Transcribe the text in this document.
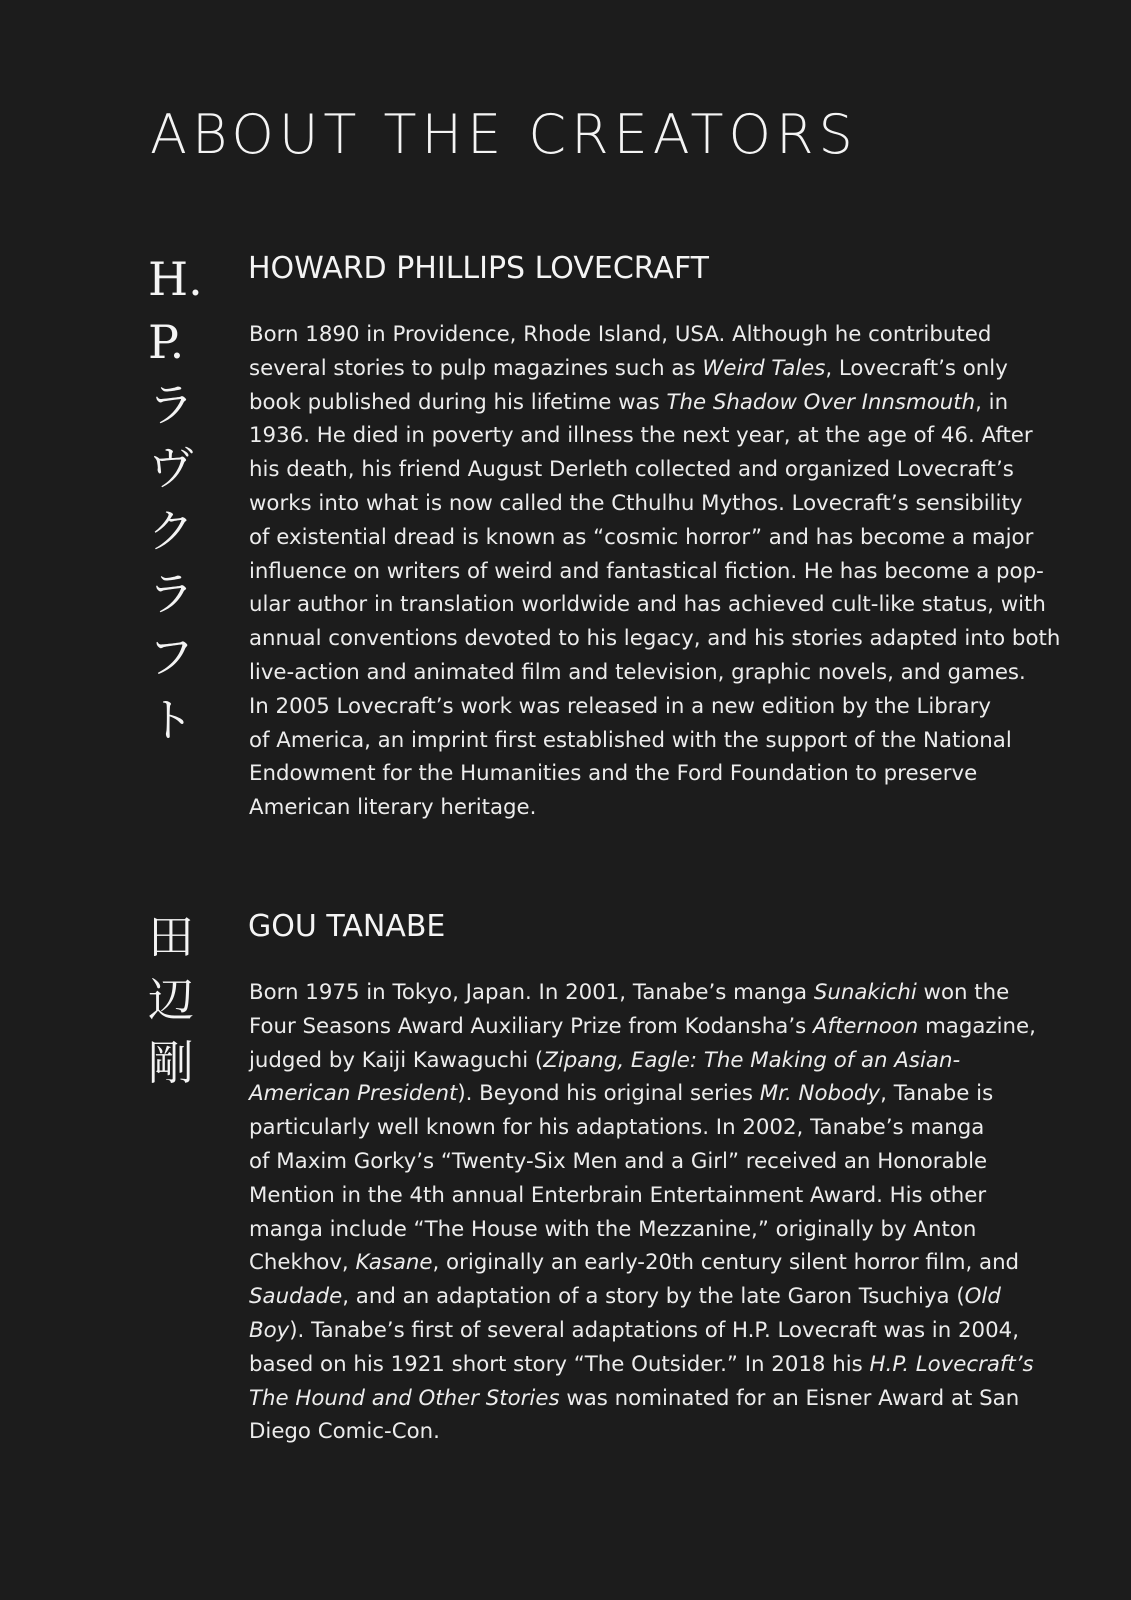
ABOUT THE CREATORS
H.
P.
ラ
ヴ
ク
ラ
フ
ト
HOWARD PHILLIPS LOVECRAFT

Born 1890 in Providence, Rhode Island, USA. Although he contributed
several stories to pulp magazines such as Weird Tales, Lovecraft’s only
book published during his lifetime was The Shadow Over Innsmouth, in
1936. He died in poverty and illness the next year, at the age of 46. After
his death, his friend August Derleth collected and organized Lovecraft’s
works into what is now called the Cthulhu Mythos. Lovecraft’s sensibility
of existential dread is known as “cosmic horror” and has become a major
influence on writers of weird and fantastical fiction. He has become a pop-
ular author in translation worldwide and has achieved cult-like status, with
annual conventions devoted to his legacy, and his stories adapted into both
live-action and animated film and television, graphic novels, and games.
In 2005 Lovecraft’s work was released in a new edition by the Library
of America, an imprint first established with the support of the National
Endowment for the Humanities and the Ford Foundation to preserve
American literary heritage.

田
辺
剛
GOU TANABE

Born 1975 in Tokyo, Japan. In 2001, Tanabe’s manga Sunakichi won the
Four Seasons Award Auxiliary Prize from Kodansha’s Afternoon magazine,
judged by Kaiji Kawaguchi (Zipang, Eagle: The Making of an Asian-
American President). Beyond his original series Mr. Nobody, Tanabe is
particularly well known for his adaptations. In 2002, Tanabe’s manga
of Maxim Gorky’s “Twenty-Six Men and a Girl” received an Honorable
Mention in the 4th annual Enterbrain Entertainment Award. His other
manga include “The House with the Mezzanine,” originally by Anton
Chekhov, Kasane, originally an early-20th century silent horror film, and
Saudade, and an adaptation of a story by the late Garon Tsuchiya (Old
Boy). Tanabe’s first of several adaptations of H.P. Lovecraft was in 2004,
based on his 1921 short story “The Outsider.” In 2018 his H.P. Lovecraft’s
The Hound and Other Stories was nominated for an Eisner Award at San
Diego Comic-Con.
